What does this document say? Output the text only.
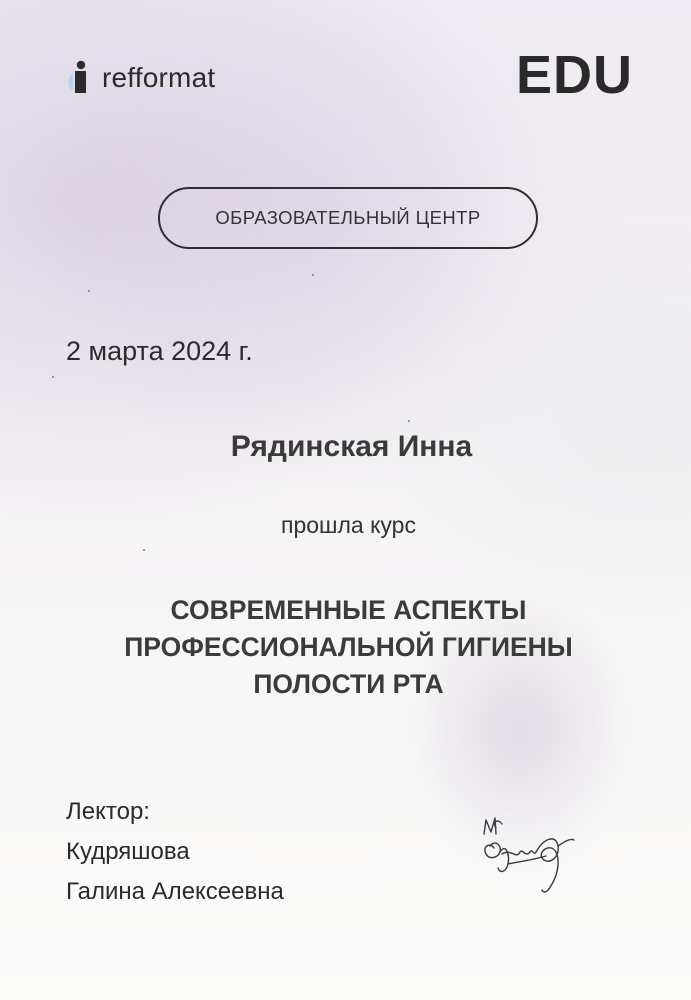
refformat	EDU
ОБРАЗОВАТЕЛЬНЫЙ ЦЕНТР
2 марта 2024 г.
Рядинская Инна
прошла курс
СОВРЕМЕННЫЕ АСПЕКТЫ
ПРОФЕССИОНАЛЬНОЙ ГИГИЕНЫ
ПОЛОСТИ РТА
Лектор:
Кудряшова
Галина Алексеевна
